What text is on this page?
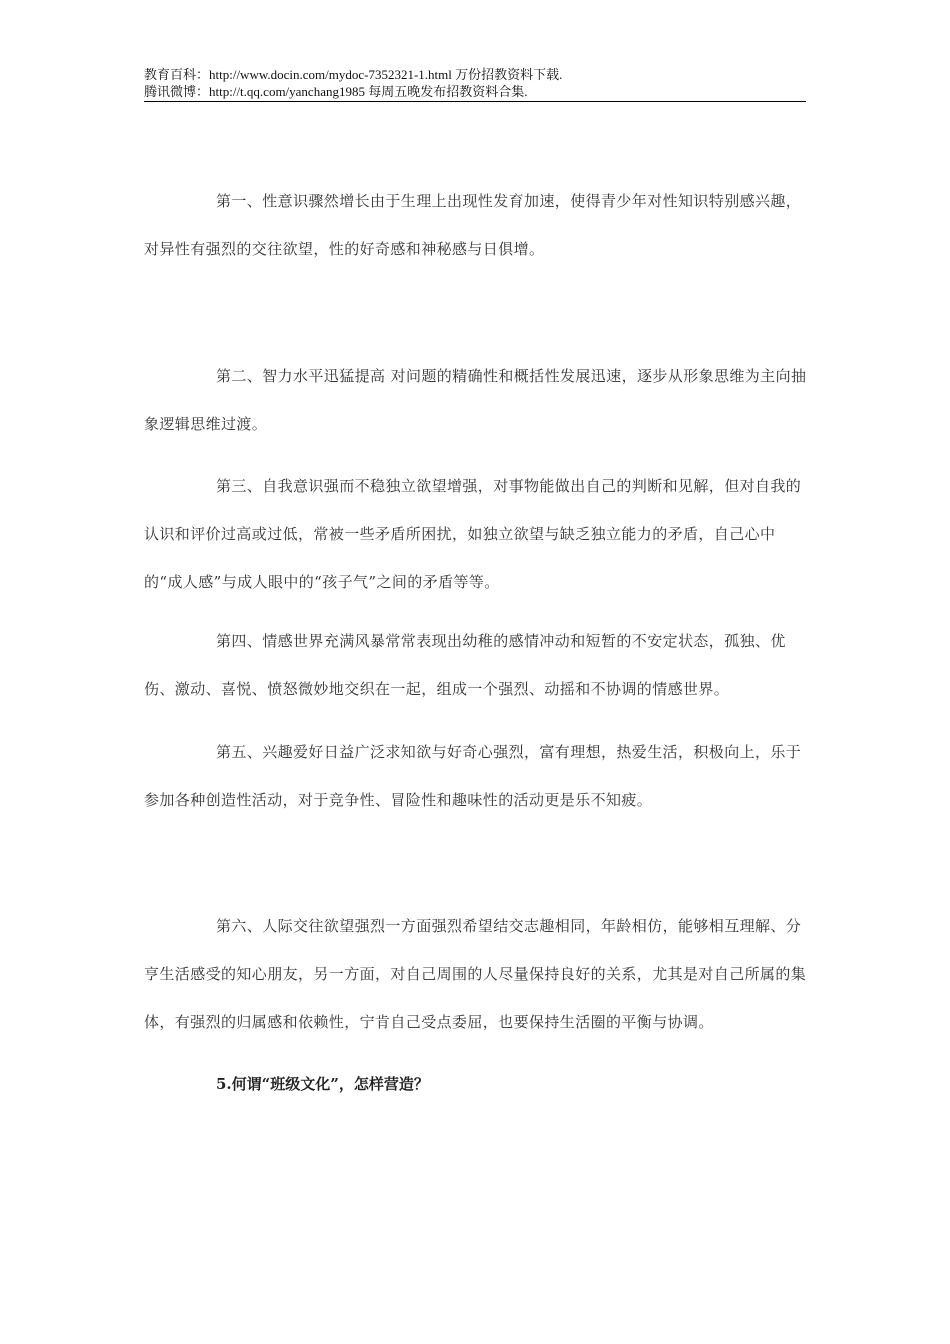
教育百科：http://www.docin.com/mydoc-7352321-1.html 万份招教资料下载.
腾讯微博：http://t.qq.com/yanchang1985 每周五晚发布招教资料合集.

第一、性意识骤然增长由于生理上出现性发育加速，使得青少年对性知识特别感兴趣，对异性有强烈的交往欲望，性的好奇感和神秘感与日俱增。

第二、智力水平迅猛提高 对问题的精确性和概括性发展迅速，逐步从形象思维为主向抽象逻辑思维过渡。

第三、自我意识强而不稳独立欲望增强，对事物能做出自己的判断和见解，但对自我的认识和评价过高或过低，常被一些矛盾所困扰，如独立欲望与缺乏独立能力的矛盾，自己心中的“成人感”与成人眼中的“孩子气”之间的矛盾等等。

第四、情感世界充满风暴常常表现出幼稚的感情冲动和短暂的不安定状态，孤独、优伤、激动、喜悦、愤怒微妙地交织在一起，组成一个强烈、动摇和不协调的情感世界。

第五、兴趣爱好日益广泛求知欲与好奇心强烈，富有理想，热爱生活，积极向上，乐于参加各种创造性活动，对于竞争性、冒险性和趣味性的活动更是乐不知疲。

第六、人际交往欲望强烈一方面强烈希望结交志趣相同，年龄相仿，能够相互理解、分亨生活感受的知心朋友，另一方面，对自己周围的人尽量保持良好的关系，尤其是对自己所属的集体，有强烈的归属感和依赖性，宁肯自己受点委屈，也要保持生活圈的平衡与协调。

5.何谓“班级文化”，怎样营造？
